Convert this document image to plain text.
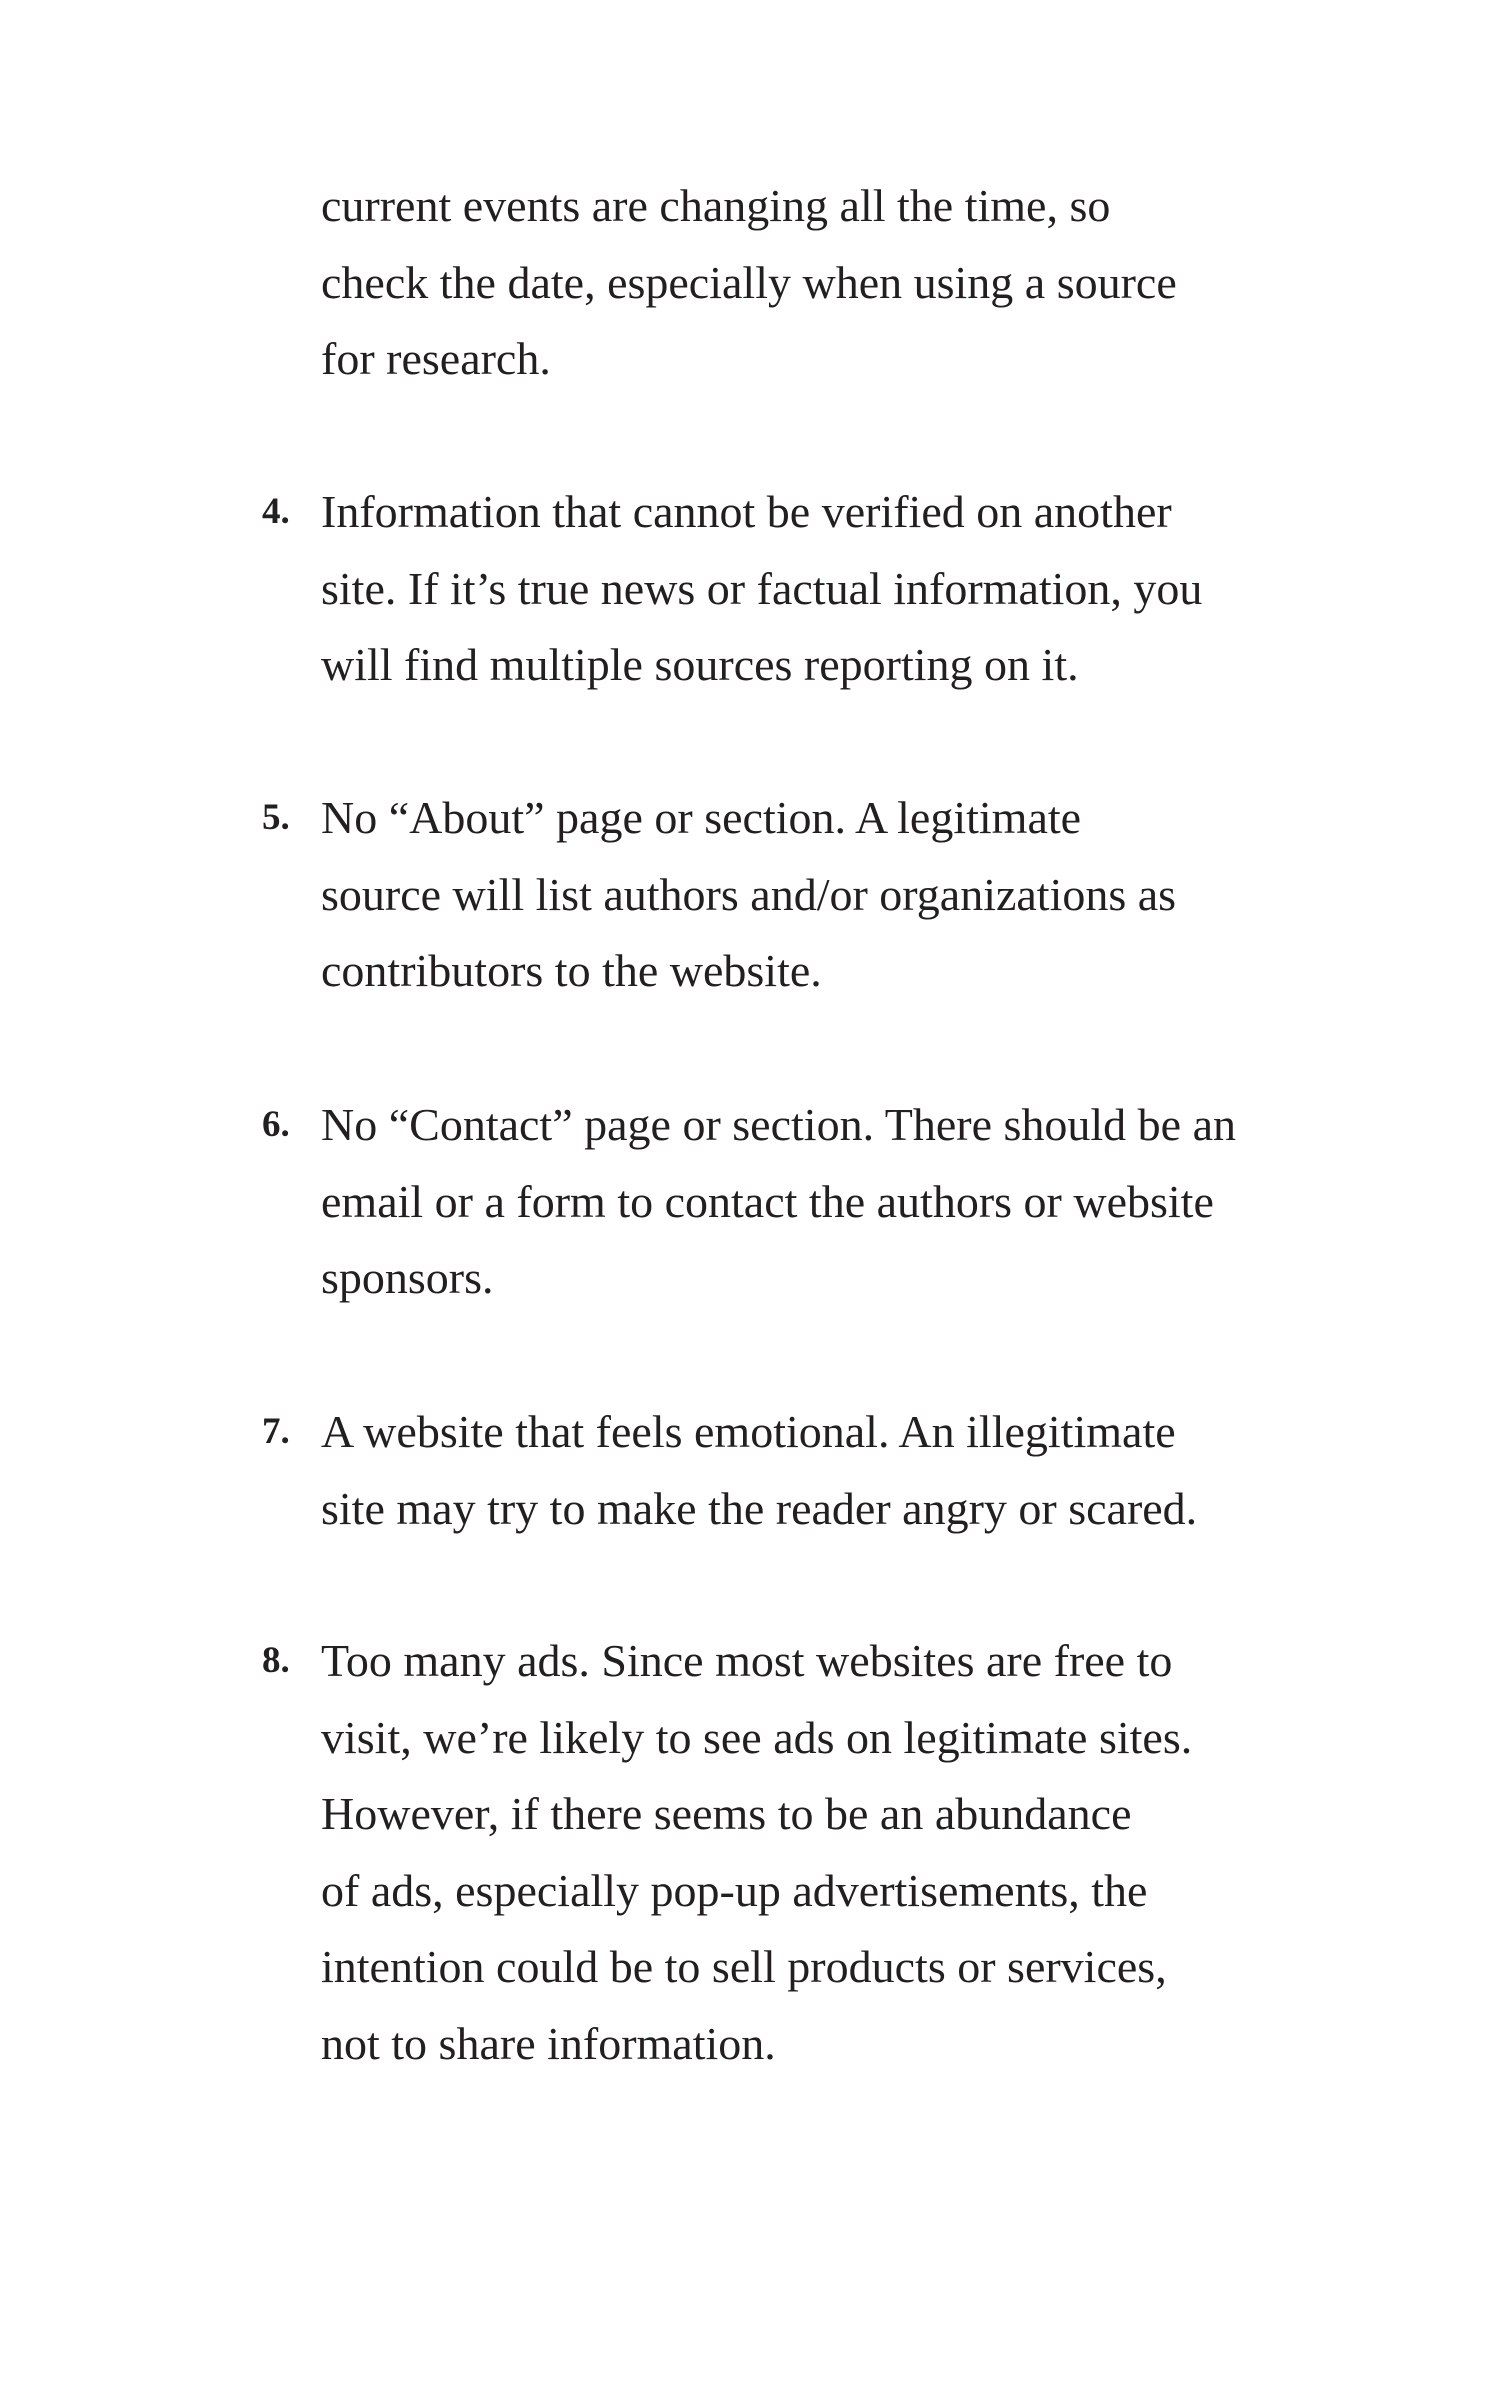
current events are changing all the time, so
check the date, especially when using a source
for research.

4. Information that cannot be verified on another
site. If it’s true news or factual information, you
will find multiple sources reporting on it.

5. No “About” page or section. A legitimate
source will list authors and/or organizations as
contributors to the website.

6. No “Contact” page or section. There should be an
email or a form to contact the authors or website
sponsors.

7. A website that feels emotional. An illegitimate
site may try to make the reader angry or scared.

8. Too many ads. Since most websites are free to
visit, we’re likely to see ads on legitimate sites.
However, if there seems to be an abundance
of ads, especially pop-up advertisements, the
intention could be to sell products or services,
not to share information.
